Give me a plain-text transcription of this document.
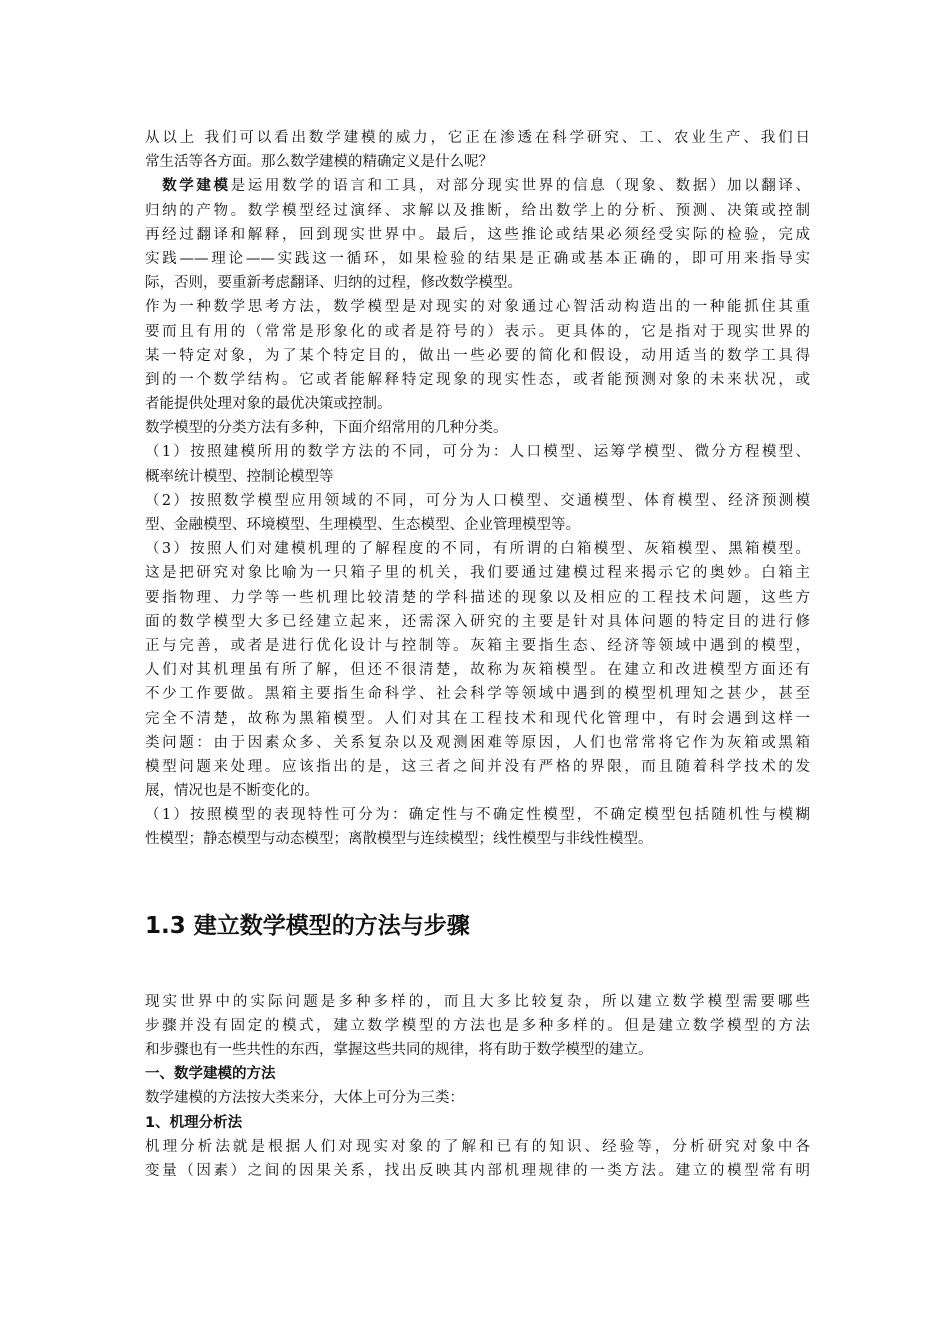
从以上 我们可以看出数学建模的威力，它正在渗透在科学研究、工、农业生产、我们日
常生活等各方面。那么数学建模的精确定义是什么呢？
 数学建模是运用数学的语言和工具，对部分现实世界的信息（现象、数据）加以翻译、
归纳的产物。数学模型经过演绎、求解以及推断，给出数学上的分析、预测、决策或控制
再经过翻译和解释，回到现实世界中。最后，这些推论或结果必须经受实际的检验，完成
实践——理论——实践这一循环，如果检验的结果是正确或基本正确的，即可用来指导实
际，否则，要重新考虑翻译、归纳的过程，修改数学模型。
作为一种数学思考方法，数学模型是对现实的对象通过心智活动构造出的一种能抓住其重
要而且有用的（常常是形象化的或者是符号的）表示。更具体的，它是指对于现实世界的
某一特定对象，为了某个特定目的，做出一些必要的简化和假设，动用适当的数学工具得
到的一个数学结构。它或者能解释特定现象的现实性态，或者能预测对象的未来状况，或
者能提供处理对象的最优决策或控制。
数学模型的分类方法有多种，下面介绍常用的几种分类。
（1）按照建模所用的数学方法的不同，可分为：人口模型、运筹学模型、微分方程模型、
概率统计模型、控制论模型等
（2）按照数学模型应用领域的不同，可分为人口模型、交通模型、体育模型、经济预测模
型、金融模型、环境模型、生理模型、生态模型、企业管理模型等。
（3）按照人们对建模机理的了解程度的不同，有所谓的白箱模型、灰箱模型、黑箱模型。
这是把研究对象比喻为一只箱子里的机关，我们要通过建模过程来揭示它的奥妙。白箱主
要指物理、力学等一些机理比较清楚的学科描述的现象以及相应的工程技术问题，这些方
面的数学模型大多已经建立起来，还需深入研究的主要是针对具体问题的特定目的进行修
正与完善，或者是进行优化设计与控制等。灰箱主要指生态、经济等领域中遇到的模型，
人们对其机理虽有所了解，但还不很清楚，故称为灰箱模型。在建立和改进模型方面还有
不少工作要做。黑箱主要指生命科学、社会科学等领域中遇到的模型机理知之甚少，甚至
完全不清楚，故称为黑箱模型。人们对其在工程技术和现代化管理中，有时会遇到这样一
类问题：由于因素众多、关系复杂以及观测困难等原因，人们也常常将它作为灰箱或黑箱
模型问题来处理。应该指出的是，这三者之间并没有严格的界限，而且随着科学技术的发
展，情况也是不断变化的。
（1）按照模型的表现特性可分为：确定性与不确定性模型，不确定模型包括随机性与模糊
性模型；静态模型与动态模型；离散模型与连续模型；线性模型与非线性模型。
1.3 建立数学模型的方法与步骤
现实世界中的实际问题是多种多样的，而且大多比较复杂，所以建立数学模型需要哪些
步骤并没有固定的模式，建立数学模型的方法也是多种多样的。但是建立数学模型的方法
和步骤也有一些共性的东西，掌握这些共同的规律，将有助于数学模型的建立。
一、数学建模的方法
数学建模的方法按大类来分，大体上可分为三类：
1、机理分析法
机理分析法就是根据人们对现实对象的了解和已有的知识、经验等，分析研究对象中各
变量（因素）之间的因果关系，找出反映其内部机理规律的一类方法。建立的模型常有明
